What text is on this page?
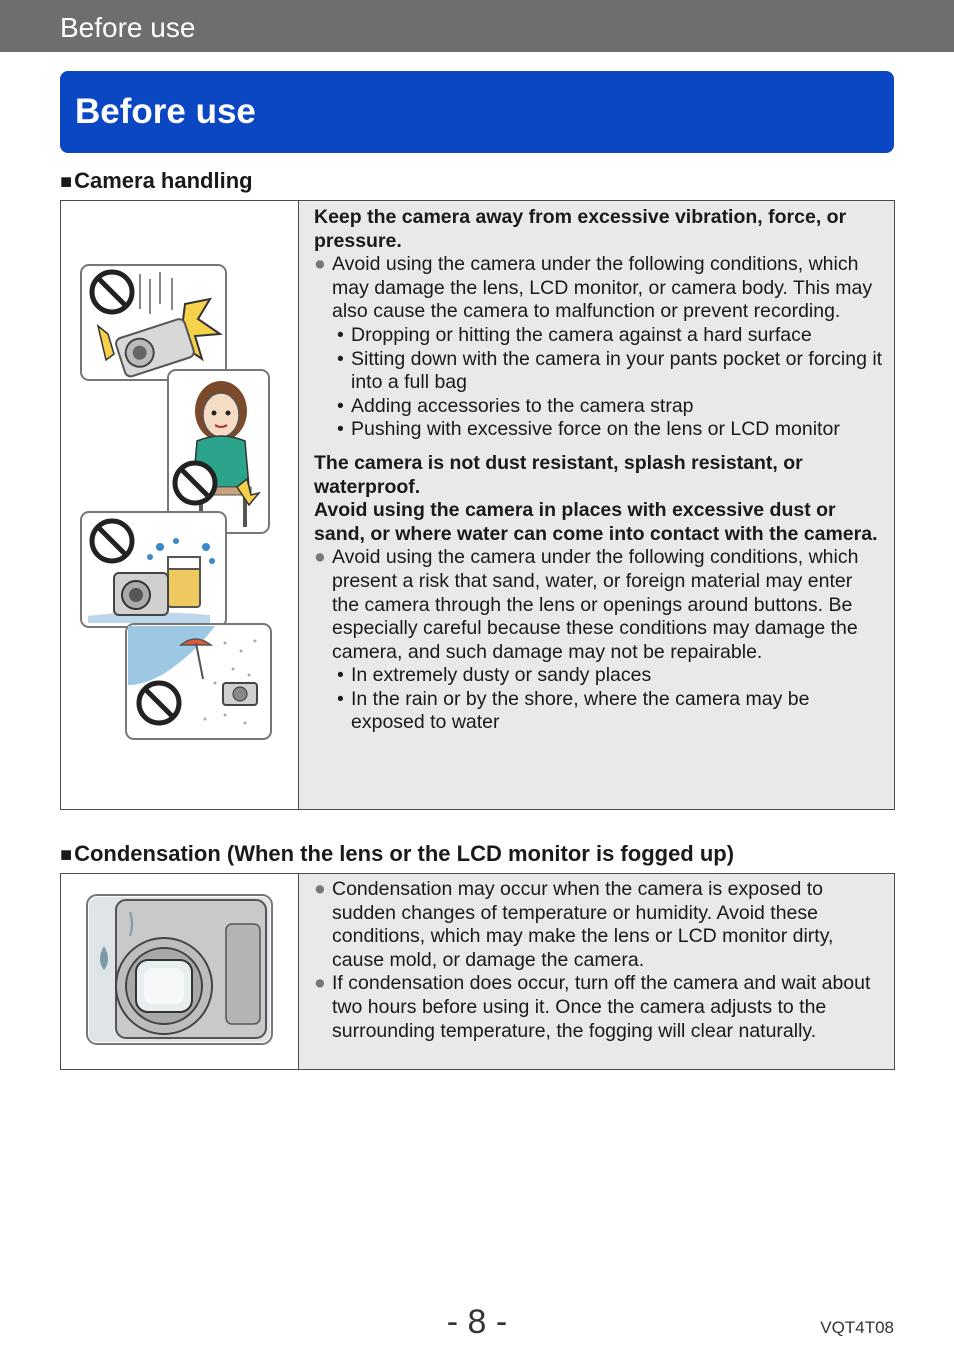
Before use
Before use
■Camera handling
Keep the camera away from excessive vibration, force, or pressure.
● Avoid using the camera under the following conditions, which may damage the lens, LCD monitor, or camera body. This may also cause the camera to malfunction or prevent recording.
• Dropping or hitting the camera against a hard surface
• Sitting down with the camera in your pants pocket or forcing it into a full bag
• Adding accessories to the camera strap
• Pushing with excessive force on the lens or LCD monitor
The camera is not dust resistant, splash resistant, or waterproof.
Avoid using the camera in places with excessive dust or sand, or where water can come into contact with the camera.
● Avoid using the camera under the following conditions, which present a risk that sand, water, or foreign material may enter the camera through the lens or openings around buttons. Be especially careful because these conditions may damage the camera, and such damage may not be repairable.
• In extremely dusty or sandy places
• In the rain or by the shore, where the camera may be exposed to water
■Condensation (When the lens or the LCD monitor is fogged up)
● Condensation may occur when the camera is exposed to sudden changes of temperature or humidity. Avoid these conditions, which may make the lens or LCD monitor dirty, cause mold, or damage the camera.
● If condensation does occur, turn off the camera and wait about two hours before using it. Once the camera adjusts to the surrounding temperature, the fogging will clear naturally.
- 8 -	VQT4T08
